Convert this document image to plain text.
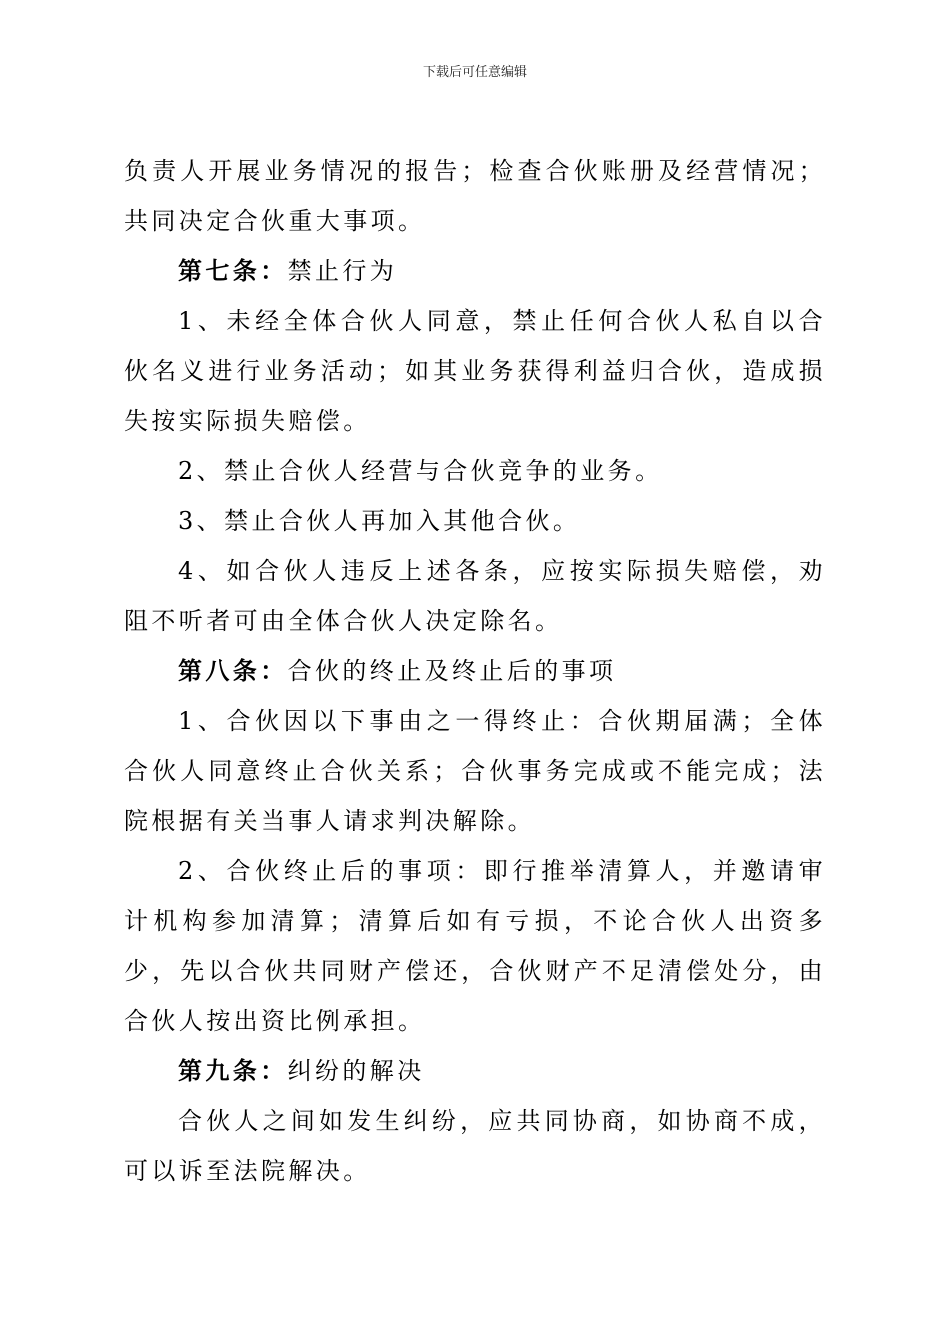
下载后可任意编辑

负责人开展业务情况的报告；检查合伙账册及经营情况；共同决定合伙重大事项。

第七条：禁止行为

1、未经全体合伙人同意，禁止任何合伙人私自以合伙名义进行业务活动；如其业务获得利益归合伙，造成损失按实际损失赔偿。

2、禁止合伙人经营与合伙竞争的业务。

3、禁止合伙人再加入其他合伙。

4、如合伙人违反上述各条，应按实际损失赔偿，劝阻不听者可由全体合伙人决定除名。

第八条：合伙的终止及终止后的事项

1、合伙因以下事由之一得终止：合伙期届满；全体合伙人同意终止合伙关系；合伙事务完成或不能完成；法院根据有关当事人请求判决解除。

2、合伙终止后的事项：即行推举清算人，并邀请审计机构参加清算；清算后如有亏损，不论合伙人出资多少，先以合伙共同财产偿还，合伙财产不足清偿处分，由合伙人按出资比例承担。

第九条：纠纷的解决

合伙人之间如发生纠纷，应共同协商，如协商不成，可以诉至法院解决。
